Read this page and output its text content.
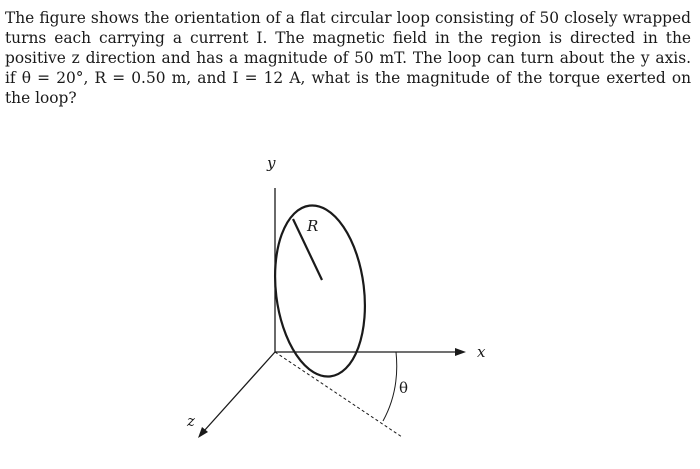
The figure shows the orientation of a flat circular loop consisting of 50 closely wrapped
turns each carrying a current I. The magnetic field in the region is directed in the
positive z direction and has a magnitude of 50 mT. The loop can turn about the y axis.
if θ = 20°, R = 0.50 m, and I = 12 A, what is the magnitude of the torque exerted on
the loop?
y
x
z
R
θ
